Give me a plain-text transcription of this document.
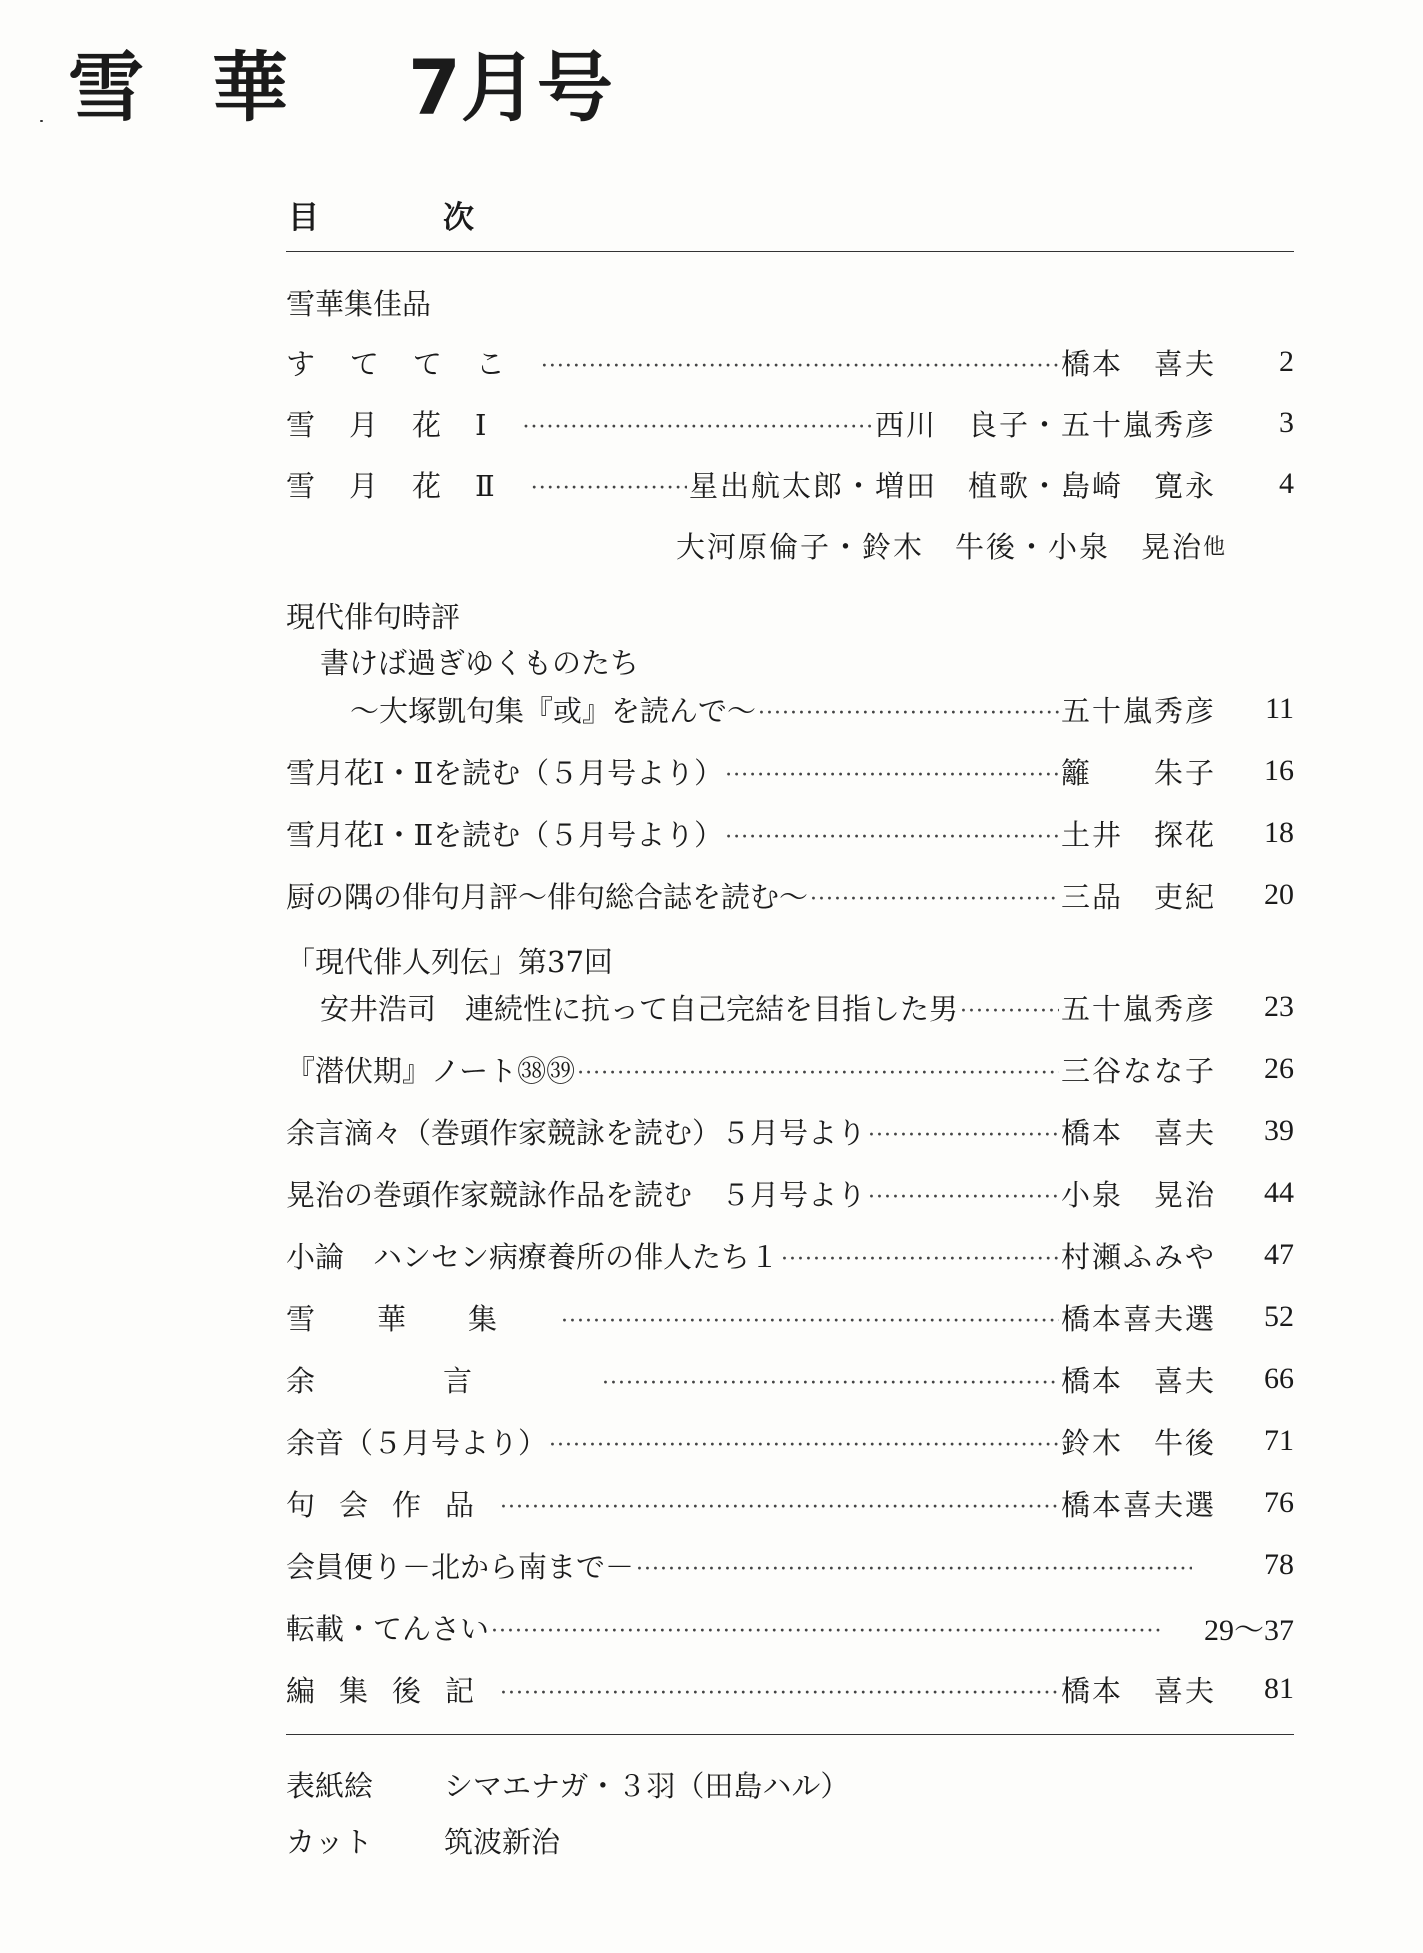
雪華 7月号
目次
雪華集佳品
すててこ ·····	橋本　喜夫	2
雪月花Ⅰ ·····	西川　良子・五十嵐秀彦	3
雪月花Ⅱ ·····	星出航太郎・増田　植歌・島崎　寛永	4
大河原倫子・鈴木　牛後・小泉　晃治 他
現代俳句時評
書けば過ぎゆくものたち
～大塚凱句集『或』を読んで～ ·····	五十嵐秀彦	11
雪月花Ⅰ・Ⅱを読む（５月号より） ·····	籬　　朱子	16
雪月花Ⅰ・Ⅱを読む（５月号より） ·····	土井　探花	18
厨の隅の俳句月評～俳句総合誌を読む～ ·····	三品　吏紀	20
「現代俳人列伝」第37回
安井浩司　連続性に抗って自己完結を目指した男 ·····	五十嵐秀彦	23
『潜伏期』ノート㊳㊴ ·····	三谷なな子	26
余言滴々（巻頭作家競詠を読む）５月号より ·····	橋本　喜夫	39
晃治の巻頭作家競詠作品を読む　５月号より ·····	小泉　晃治	44
小論　ハンセン病療養所の俳人たち１ ·····	村瀬ふみや	47
雪華集 ·····	橋本喜夫選	52
余言 ·····	橋本　喜夫	66
余音（５月号より） ·····	鈴木　牛後	71
句会作品 ·····	橋本喜夫選	76
会員便り－北から南まで－ ·····	78
転載・てんさい ·····	29～37
編集後記 ·····	橋本　喜夫	81
表紙絵	シマエナガ・３羽（田島ハル）
カット	筑波新治
